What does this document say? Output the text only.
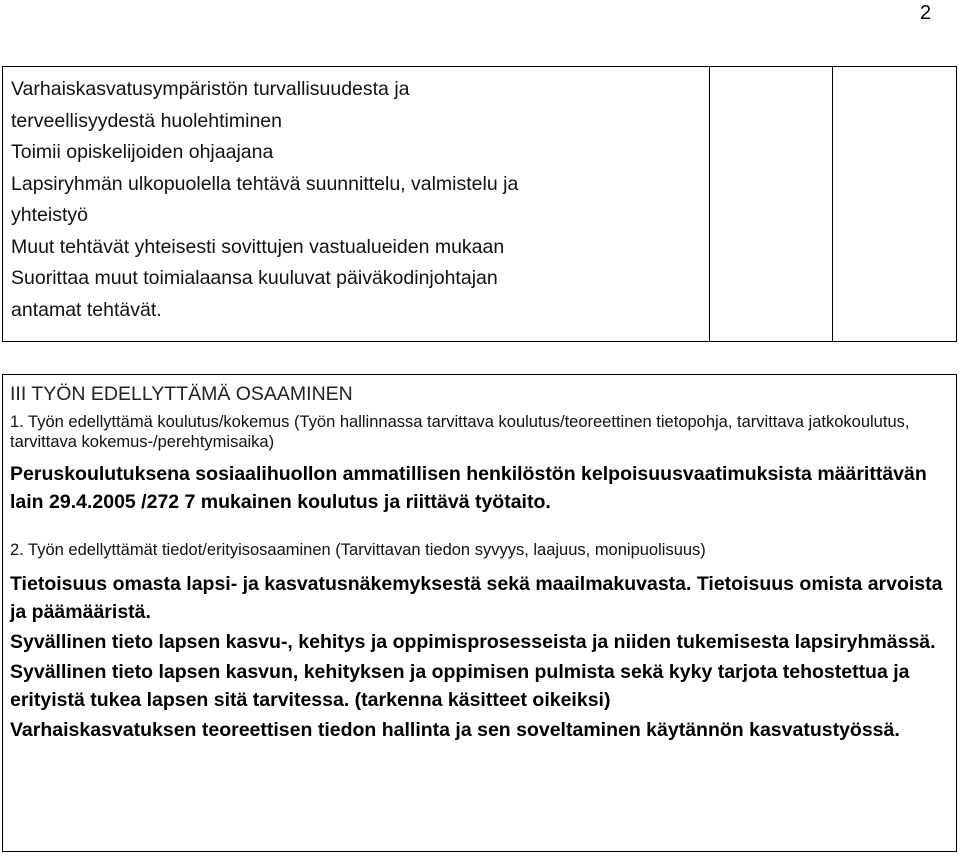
2
Varhaiskasvatusympäristön turvallisuudesta ja
terveellisyydestä huolehtiminen
Toimii opiskelijoiden ohjaajana
Lapsiryhmän ulkopuolella tehtävä suunnittelu, valmistelu ja
yhteistyö
Muut tehtävät yhteisesti sovittujen vastualueiden mukaan
Suorittaa muut toimialaansa kuuluvat päiväkodinjohtajan
antamat tehtävät.
III TYÖN EDELLYTTÄMÄ OSAAMINEN

1. Työn edellyttämä koulutus/kokemus (Työn hallinnassa tarvittava koulutus/teoreettinen tietopohja, tarvittava jatkokoulutus, tarvittava kokemus-/perehtymisaika)

Peruskoulutuksena sosiaalihuollon ammatillisen henkilöstön kelpoisuusvaatimuksista määrittävän lain 29.4.2005 /272 7 mukainen koulutus ja riittävä työtaito.

2. Työn edellyttämät tiedot/erityisosaaminen (Tarvittavan tiedon syvyys, laajuus, monipuolisuus)

Tietoisuus omasta lapsi- ja kasvatusnäkemyksestä sekä maailmakuvasta. Tietoisuus omista arvoista ja päämääristä.

Syvällinen tieto lapsen kasvu-, kehitys ja oppimisprosesseista ja niiden tukemisesta lapsiryhmässä.

Syvällinen tieto lapsen kasvun, kehityksen ja oppimisen pulmista sekä kyky tarjota tehostettua ja erityistä tukea lapsen sitä tarvitessa. (tarkenna käsitteet oikeiksi)

Varhaiskasvatuksen teoreettisen tiedon hallinta ja sen soveltaminen käytännön kasvatustyössä.
